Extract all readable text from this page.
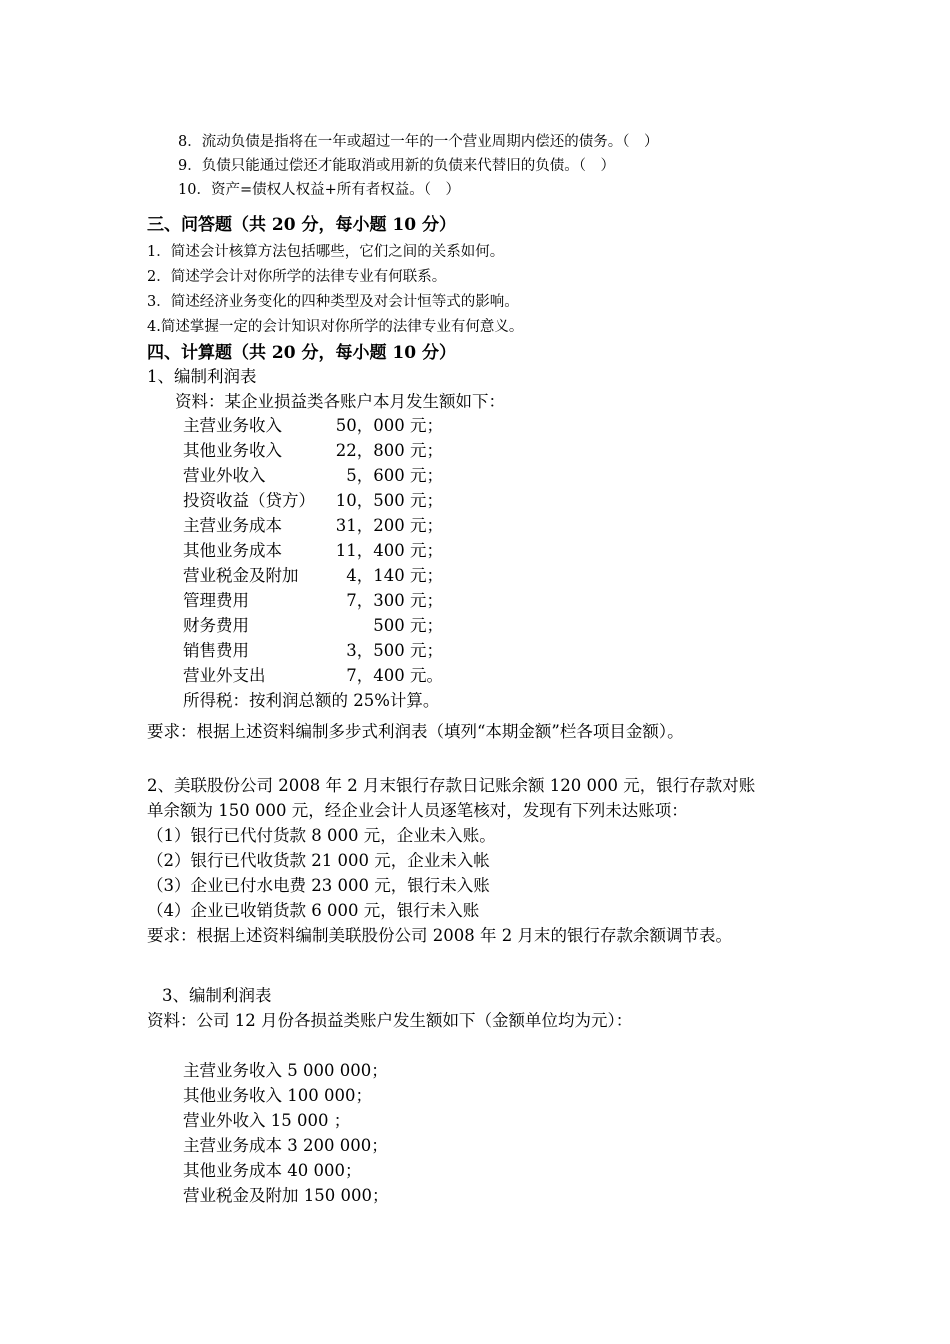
8．流动负债是指将在一年或超过一年的一个营业周期内偿还的债务。（　）
9．负债只能通过偿还才能取消或用新的负债来代替旧的负债。（　）
10．资产=债权人权益+所有者权益。（　）
三、问答题（共 20 分，每小题 10 分）
1．简述会计核算方法包括哪些，它们之间的关系如何。
2．简述学会计对你所学的法律专业有何联系。
3．简述经济业务变化的四种类型及对会计恒等式的影响。
4.简述掌握一定的会计知识对你所学的法律专业有何意义。
四、计算题（共 20 分，每小题 10 分）
1、编制利润表
资料：某企业损益类各账户本月发生额如下：
主营业务收入	50，000 元；
其他业务收入	22，800 元；
营业外收入	5，600 元；
投资收益（贷方） 10，500 元；
主营业务成本	31，200 元；
其他业务成本	11，400 元；
营业税金及附加	4，140 元；
管理费用	7，300 元；
财务费用	500 元；
销售费用	3，500 元；
营业外支出	7，400 元。
所得税：按利润总额的 25%计算。
要求：根据上述资料编制多步式利润表（填列“本期金额”栏各项目金额）。
2、美联股份公司 2008 年 2 月末银行存款日记账余额 120 000 元，银行存款对账
单余额为 150 000 元，经企业会计人员逐笔核对，发现有下列未达账项：
（1）银行已代付货款 8 000 元，企业未入账。
（2）银行已代收货款 21 000 元，企业未入帐
（3）企业已付水电费 23 000 元，银行未入账
（4）企业已收销货款 6 000 元，银行未入账
要求：根据上述资料编制美联股份公司 2008 年 2 月末的银行存款余额调节表。
3、编制利润表
资料：公司 12 月份各损益类账户发生额如下（金额单位均为元）：
主营业务收入 5 000 000；
其他业务收入 100 000；
营业外收入 15 000 ；
主营业务成本 3 200 000；
其他业务成本 40 000；
营业税金及附加 150 000；
